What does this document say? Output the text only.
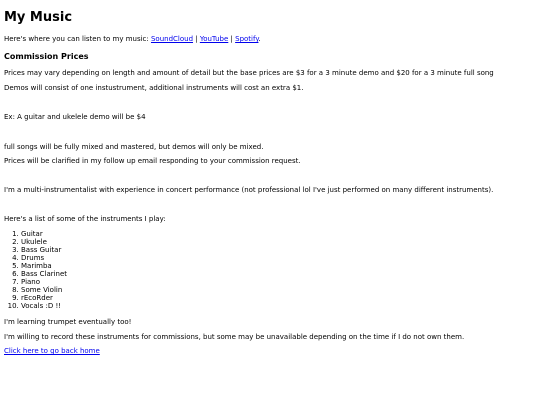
My Music

Here's where you can listen to my music: SoundCloud | YouTube | Spotify.

Commission Prices

Prices may vary depending on length and amount of detail but the base prices are $3 for a 3 minute demo and $20 for a 3 minute full song

Demos will consist of one instustrument, additional instruments will cost an extra $1.

Ex: A guitar and ukelele demo will be $4

full songs will be fully mixed and mastered, but demos will only be mixed.

Prices will be clarified in my follow up email responding to your commission request.

I'm a multi-instrumentalist with experience in concert performance (not professional lol I've just performed on many different instruments).

Here's a list of some of the instruments I play:

1. Guitar
2. Ukulele
3. Bass Guitar
4. Drums
5. Marimba
6. Bass Clarinet
7. Piano
8. Some Violin
9. rEcoRder
10. Vocals :D !!

I'm learning trumpet eventually too!

I'm willing to record these instruments for commissions, but some may be unavailable depending on the time if I do not own them.

Click here to go back home
